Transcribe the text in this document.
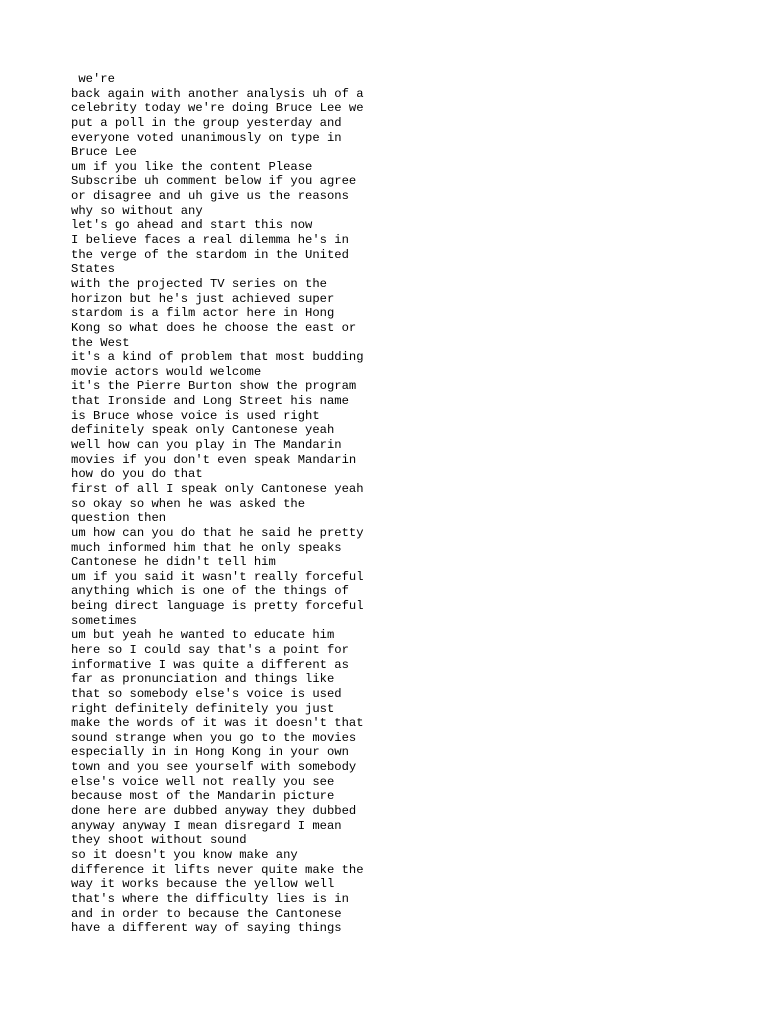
we're

back again with another analysis uh of a

celebrity today we're doing Bruce Lee we

put a poll in the group yesterday and

everyone voted unanimously on type in

Bruce Lee

um if you like the content Please

Subscribe uh comment below if you agree

or disagree and uh give us the reasons

why so without any

let's go ahead and start this now

I believe faces a real dilemma he's in

the verge of the stardom in the United

States

with the projected TV series on the

horizon but he's just achieved super

stardom is a film actor here in Hong

Kong so what does he choose the east or

the West

it's a kind of problem that most budding

movie actors would welcome

it's the Pierre Burton show the program

that Ironside and Long Street his name

is Bruce whose voice is used right

definitely speak only Cantonese yeah

well how can you play in The Mandarin

movies if you don't even speak Mandarin

how do you do that

first of all I speak only Cantonese yeah

so okay so when he was asked the

question then

um how can you do that he said he pretty

much informed him that he only speaks

Cantonese he didn't tell him

um if you said it wasn't really forceful

anything which is one of the things of

being direct language is pretty forceful

sometimes

um but yeah he wanted to educate him

here so I could say that's a point for

informative I was quite a different as

far as pronunciation and things like

that so somebody else's voice is used

right definitely definitely you just

make the words of it was it doesn't that

sound strange when you go to the movies

especially in in Hong Kong in your own

town and you see yourself with somebody

else's voice well not really you see

because most of the Mandarin picture

done here are dubbed anyway they dubbed

anyway anyway I mean disregard I mean

they shoot without sound

so it doesn't you know make any

difference it lifts never quite make the

way it works because the yellow well

that's where the difficulty lies is in

and in order to because the Cantonese

have a different way of saying things
